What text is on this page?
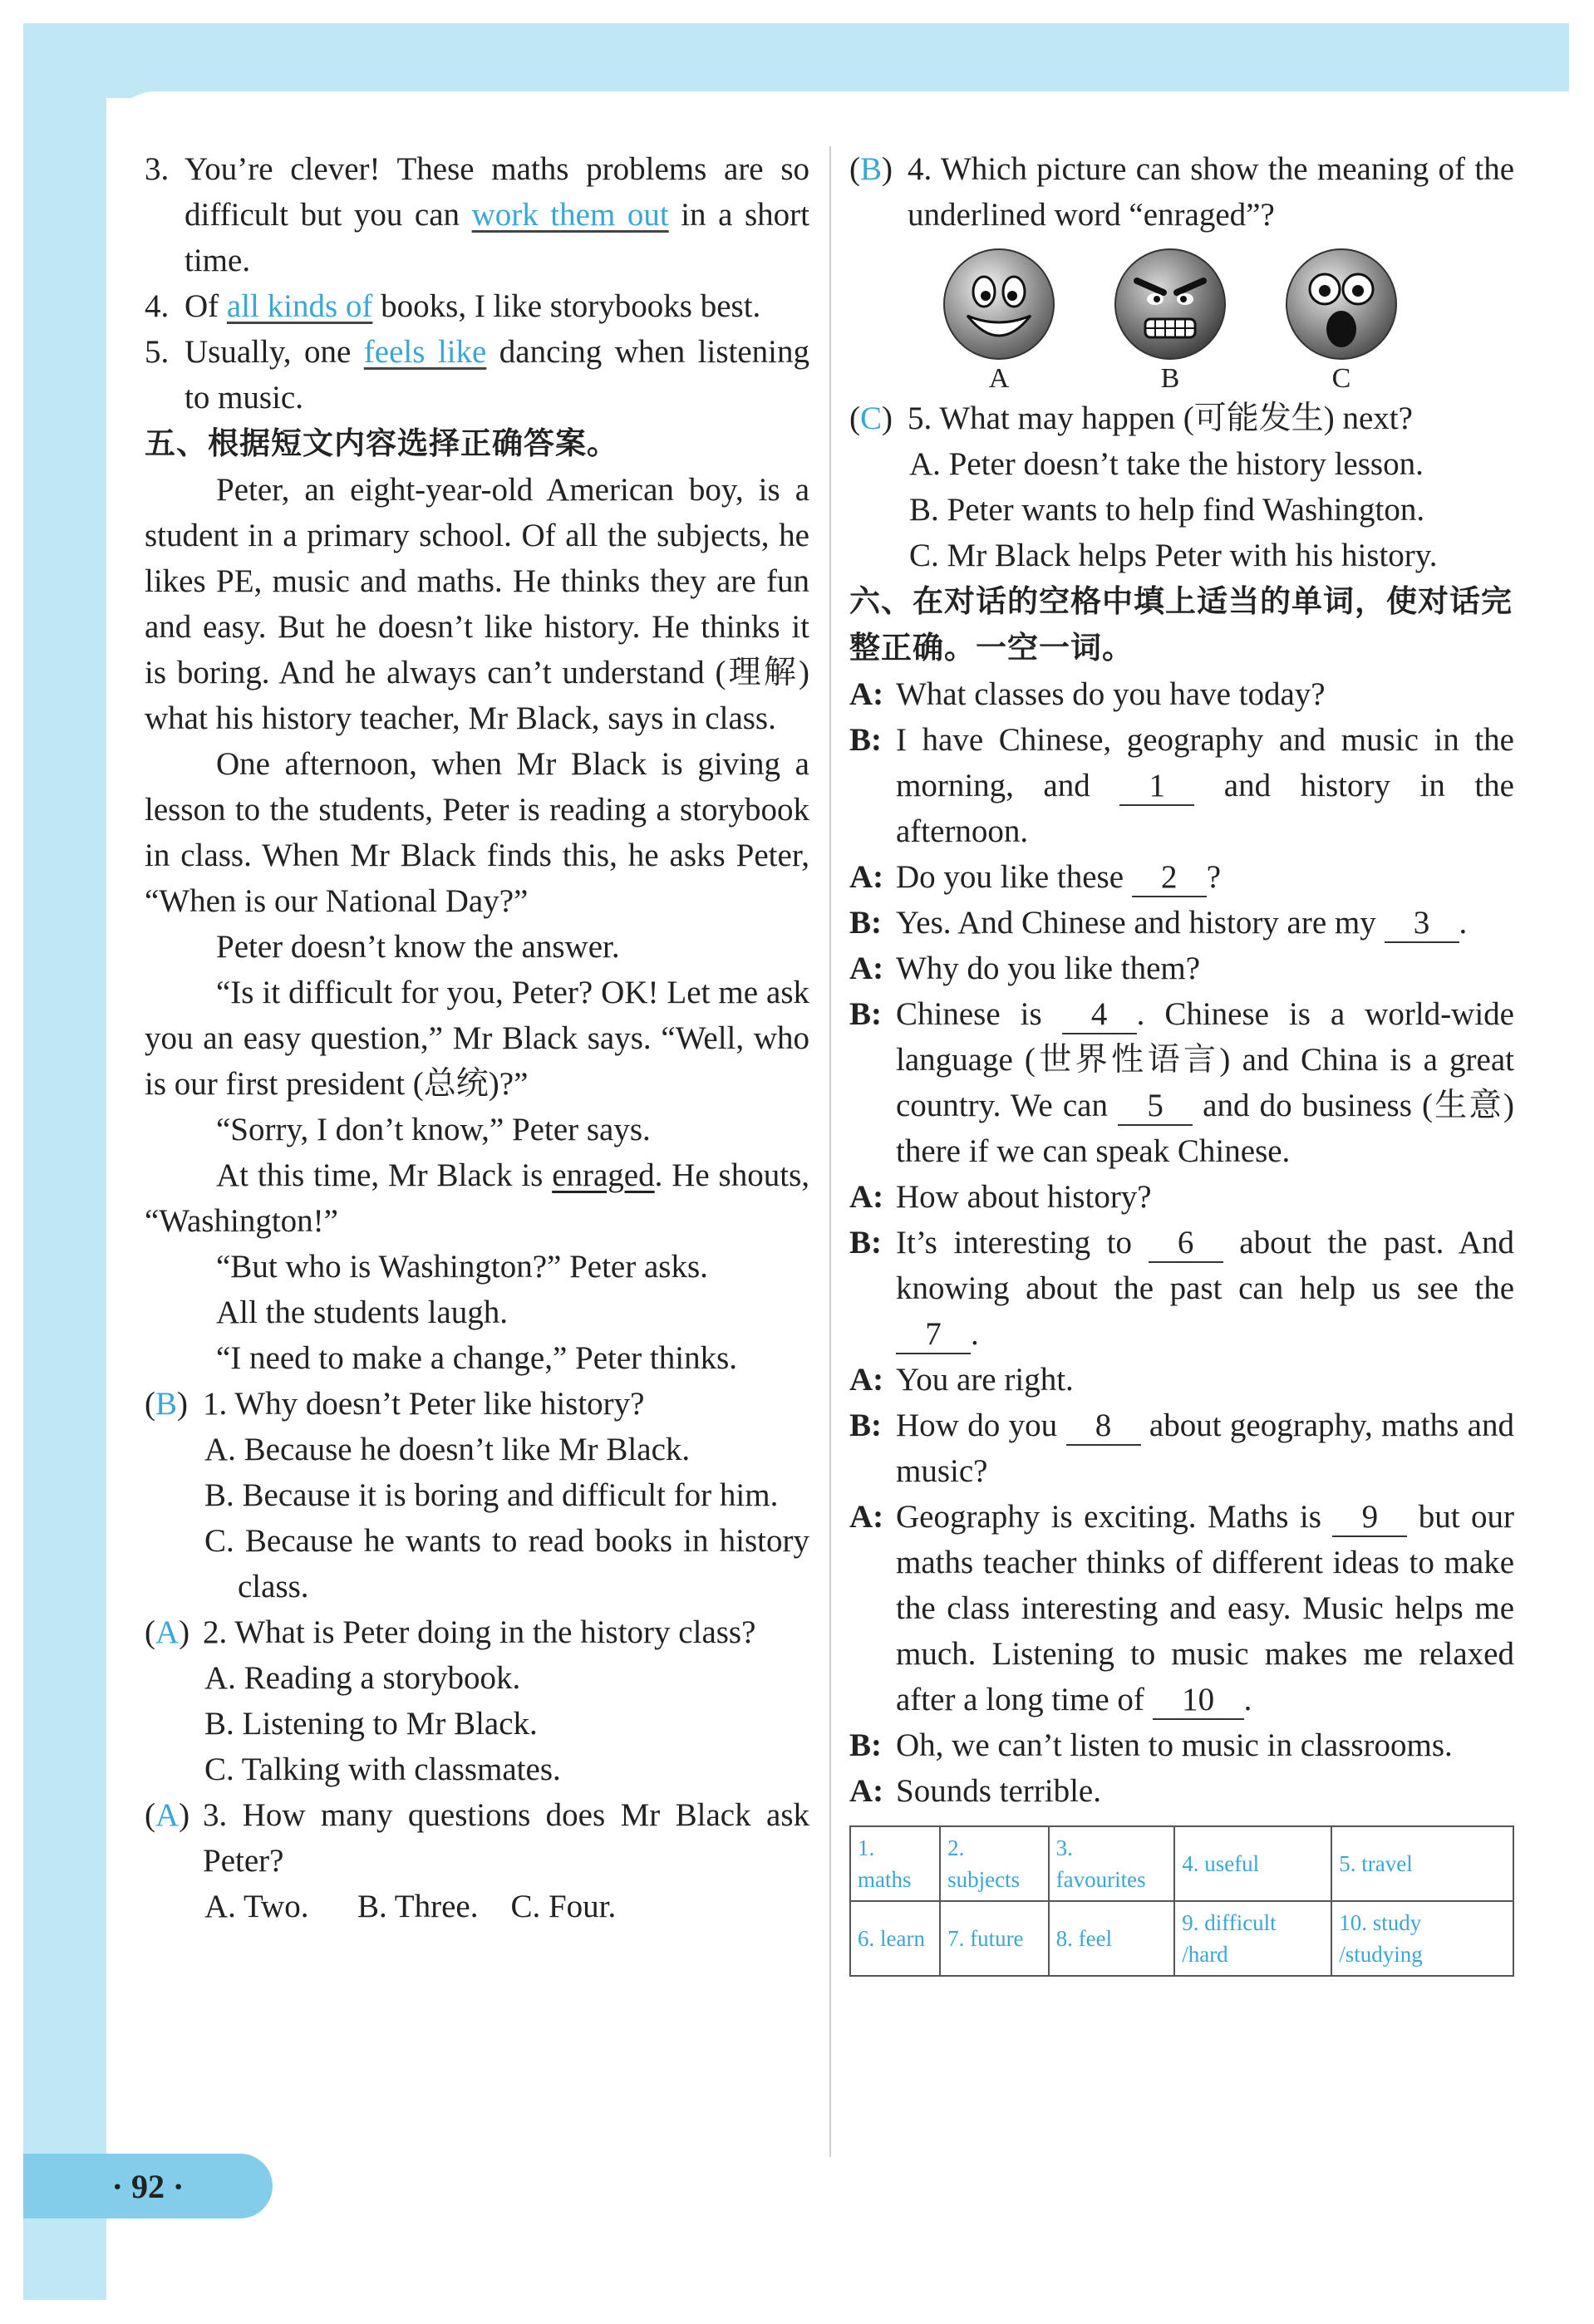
3. You’re clever! These maths problems are so difficult but you can work them out in a short time.
4. Of all kinds of books, I like storybooks best.
5. Usually, one feels like dancing when listening to music.
五、根据短文内容选择正确答案。
Peter, an eight-year-old American boy, is a student in a primary school. Of all the subjects, he likes PE, music and maths. He thinks they are fun and easy. But he doesn’t like history. He thinks it is boring. And he always can’t understand (理解) what his history teacher, Mr Black, says in class.
One afternoon, when Mr Black is giving a lesson to the students, Peter is reading a storybook in class. When Mr Black finds this, he asks Peter, “When is our National Day?”
Peter doesn’t know the answer.
“Is it difficult for you, Peter? OK! Let me ask you an easy question,” Mr Black says. “Well, who is our first president (总统)?”
“Sorry, I don’t know,” Peter says.
At this time, Mr Black is enraged. He shouts, “Washington!”
“But who is Washington?” Peter asks.
All the students laugh.
“I need to make a change,” Peter thinks.
(B) 1. Why doesn’t Peter like history?
A. Because he doesn’t like Mr Black.
B. Because it is boring and difficult for him.
C. Because he wants to read books in history class.
(A) 2. What is Peter doing in the history class?
A. Reading a storybook.
B. Listening to Mr Black.
C. Talking with classmates.
(A) 3. How many questions does Mr Black ask Peter?
A. Two.      B. Three.    C. Four.
(B) 4. Which picture can show the meaning of the underlined word “enraged”?
A	B	C
(C) 5. What may happen (可能发生) next?
A. Peter doesn’t take the history lesson.
B. Peter wants to help find Washington.
C. Mr Black helps Peter with his history.
六、在对话的空格中填上适当的单词，使对话完整正确。一空一词。
A: What classes do you have today?
B: I have Chinese, geography and music in the morning, and 1 and history in the afternoon.
A: Do you like these 2 ?
B: Yes. And Chinese and history are my 3 .
A: Why do you like them?
B: Chinese is 4 . Chinese is a world-wide language (世界性语言) and China is a great country. We can 5 and do business (生意) there if we can speak Chinese.
A: How about history?
B: It’s interesting to 6 about the past. And knowing about the past can help us see the 7 .
A: You are right.
B: How do you 8 about geography, maths and music?
A: Geography is exciting. Maths is 9 but our maths teacher thinks of different ideas to make the class interesting and easy. Music helps me much. Listening to music makes me relaxed after a long time of 10 .
B: Oh, we can’t listen to music in classrooms.
A: Sounds terrible.
1. maths	2. subjects	3. favourites	4. useful	5. travel
6. learn	7. future	8. feel	9. difficult /hard	10. study /studying
· 92 ·
